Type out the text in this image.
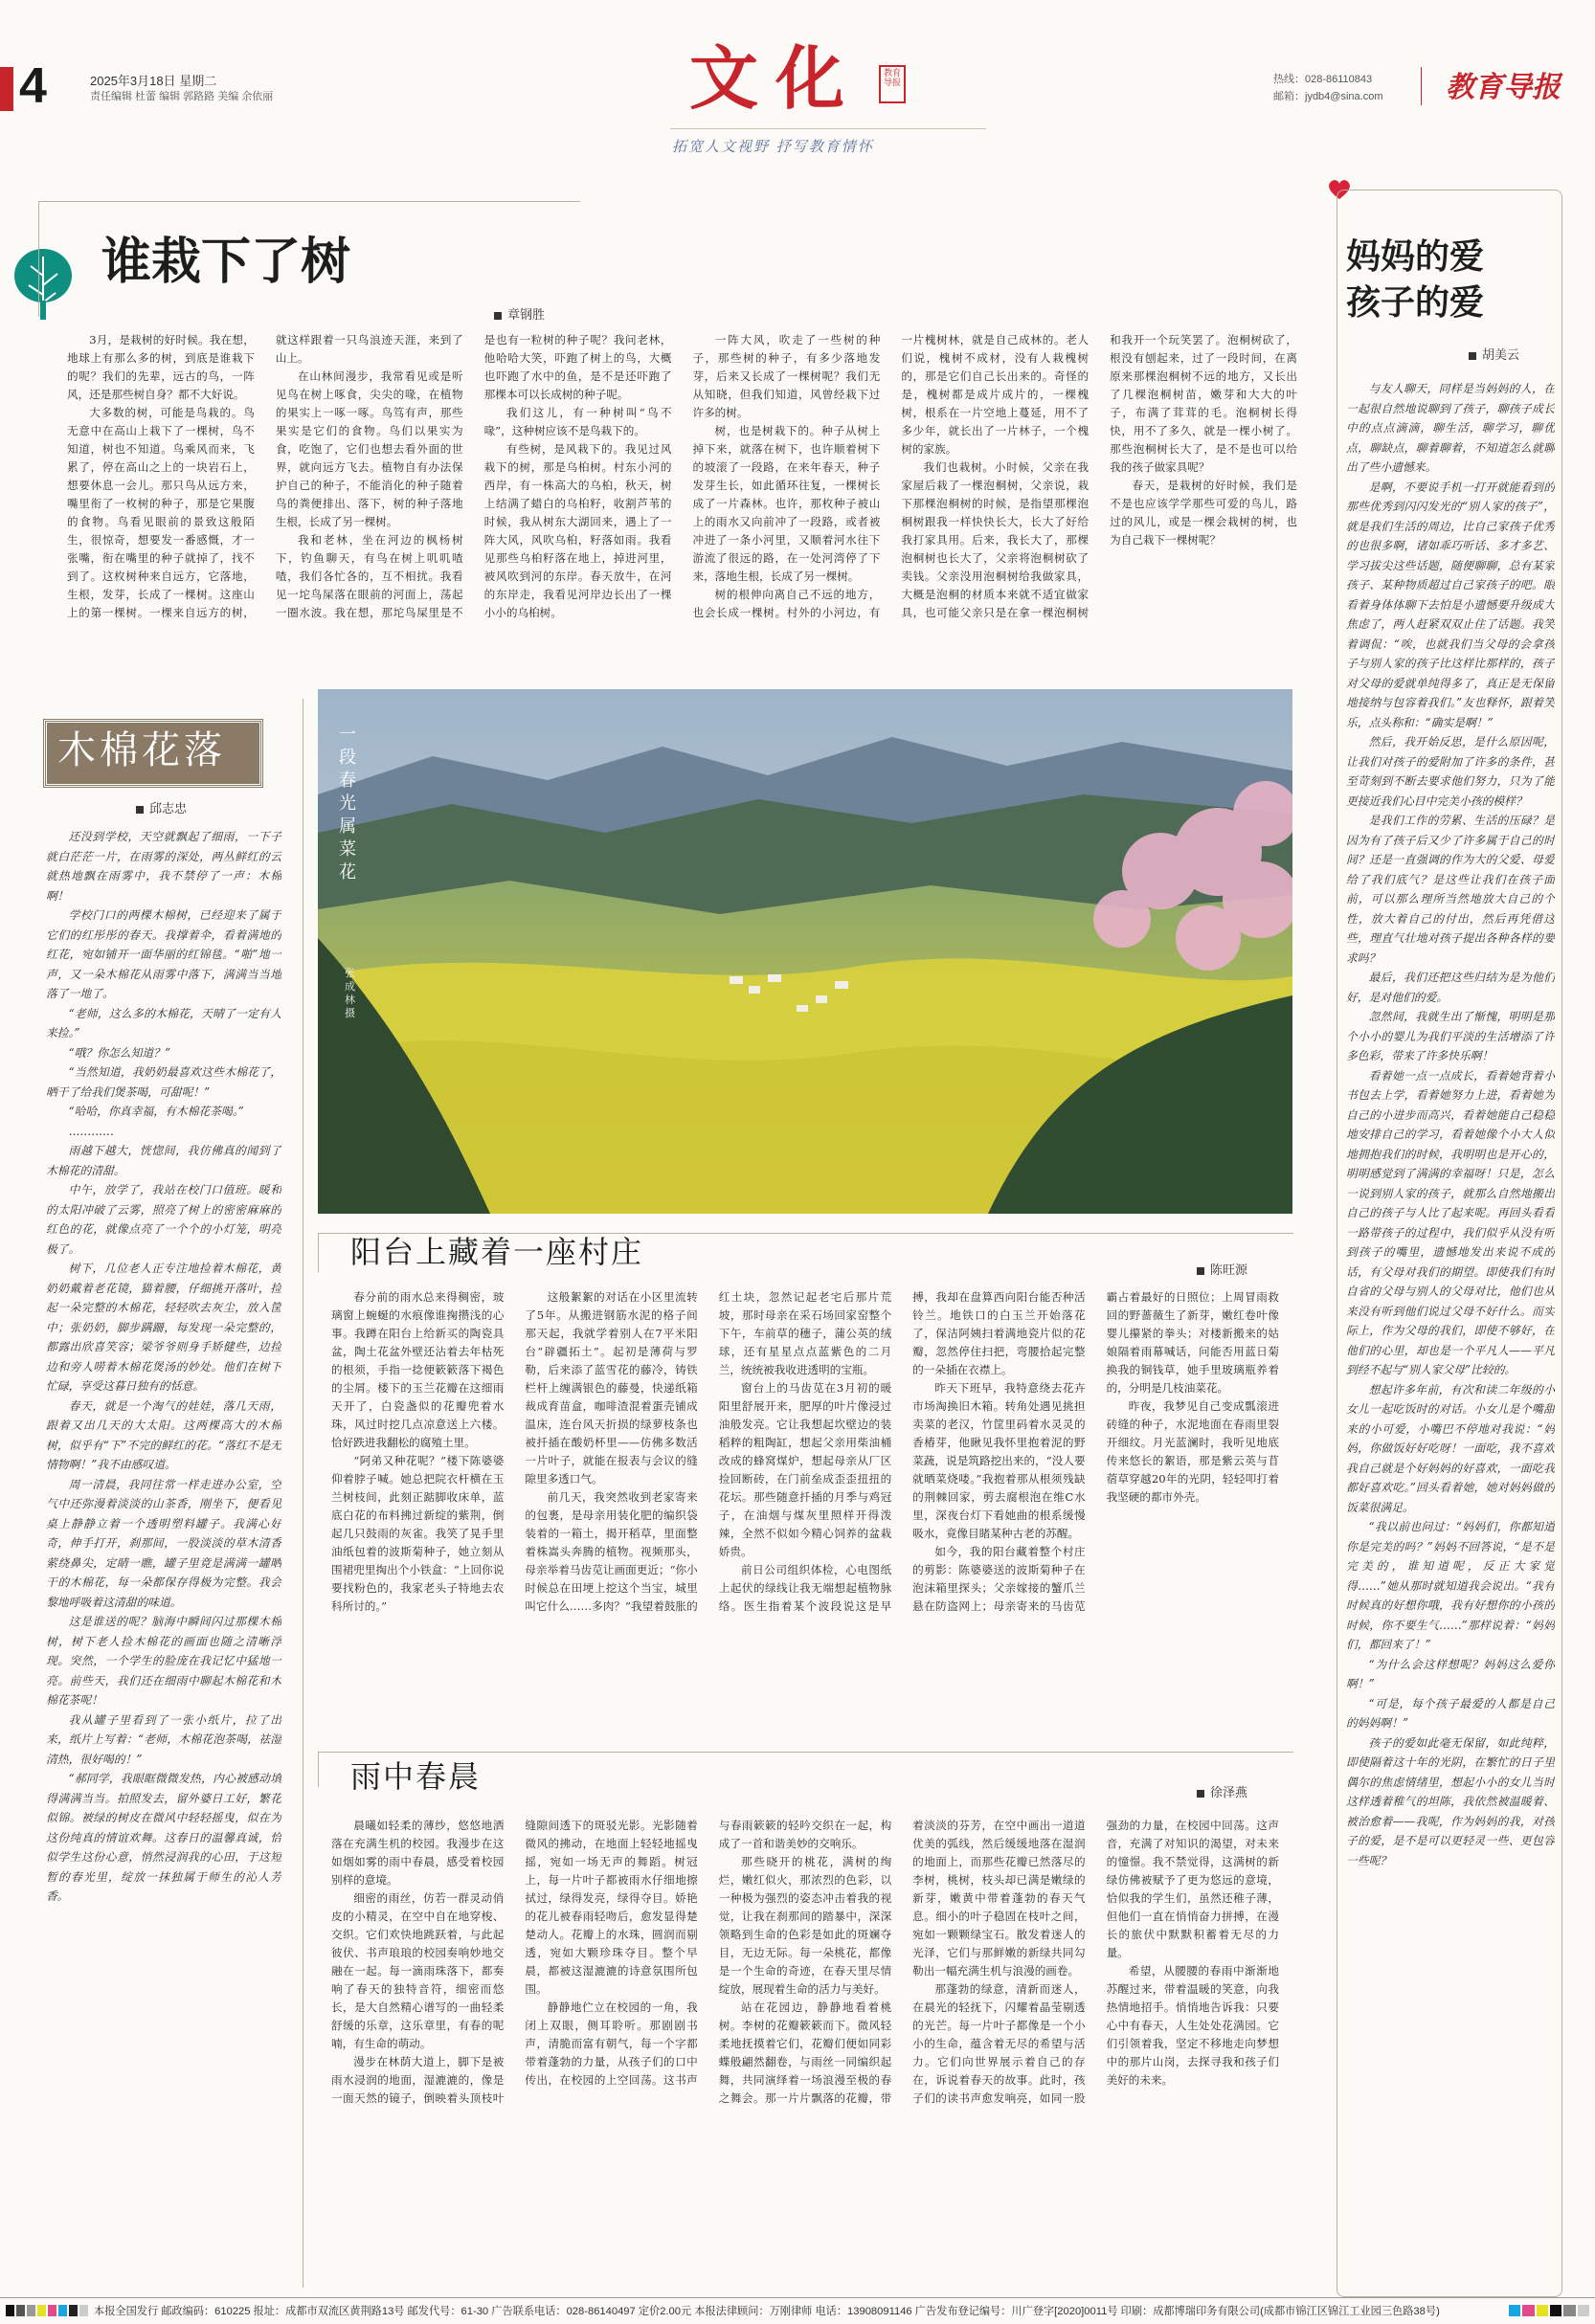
4	2025年3月18日 星期二
责任编辑 杜蕾 编辑 郭路路 美编 余依丽	文化	教育导报
拓宽人文视野 抒写教育情怀
热线：028-86110843
邮箱：jydb4@sina.com 教育导报
谁栽下了树
章钢胜

3月，是栽树的好时候。我在想，地球上有那么多的树，到底是谁栽下的呢？我们的先辈，远古的鸟，一阵风，还是那些树自身？都不大好说。

大多数的树，可能是鸟栽的。鸟无意中在高山上栽下了一棵树，鸟不知道，树也不知道。鸟乘风而来，飞累了，停在高山之上的一块岩石上，想要休息一会儿。那只鸟从远方来，嘴里衔了一枚树的种子，那是它果腹的食物。鸟看见眼前的景致这般陌生，很惊奇，想要发一番感慨，才一张嘴，衔在嘴里的种子就掉了，找不到了。这枚树种来自远方，它落地，生根，发芽，长成了一棵树。这座山上的第一棵树。一棵来自远方的树，就这样跟着一只鸟浪迹天涯，来到了山上。

在山林间漫步，我常看见或是听见鸟在树上啄食，尖尖的喙，在植物的果实上一啄一啄。鸟笃有声，那些果实是它们的食物。鸟们以果实为食，吃饱了，它们也想去看外面的世界，就向远方飞去。植物自有办法保护自己的种子，不能消化的种子随着鸟的粪便排出、落下，树的种子落地生根，长成了另一棵树。

我和老林，坐在河边的枫杨树下，钓鱼聊天，有鸟在树上叽叽喳喳，我们各忙各的，互不相扰。我看见一坨鸟屎落在眼前的河面上，荡起一圈水波。我在想，那坨鸟屎里是不是也有一粒树的种子呢？我问老林，他哈哈大笑，吓跑了树上的鸟，大概也吓跑了水中的鱼，是不是还吓跑了那棵本可以长成树的种子呢。

我们这儿，有一种树叫“鸟不喙”，这种树应该不是鸟栽下的。

有些树，是风栽下的。我见过风栽下的树，那是乌桕树。村东小河的西岸，有一株高大的乌桕，秋天，树上结满了蜡白的乌桕籽，收割芦苇的时候，我从树东大湖回来，遇上了一阵大风，风吹乌桕，籽落如雨。我看见那些乌桕籽落在地上，掉进河里，被风吹到河的东岸。春天放牛，在河的东岸走，我看见河岸边长出了一棵小小的乌桕树。

一阵大风，吹走了一些树的种子，那些树的种子，有多少落地发芽，后来又长成了一棵树呢？我们无从知晓，但我们知道，风曾经栽下过许多的树。

树，也是树栽下的。种子从树上掉下来，就落在树下，也许顺着树下的坡滚了一段路，在来年春天，种子发芽生长，如此循环往复，一棵树长成了一片森林。也许，那枚种子被山上的雨水又向前冲了一段路，或者被冲进了一条小河里，又顺着河水往下游流了很远的路，在一处河湾停了下来，落地生根，长成了另一棵树。

树的根伸向离自己不远的地方，也会长成一棵树。村外的小河边，有一片槐树林，就是自己成林的。老人们说，槐树不成材，没有人栽槐树的，那是它们自己长出来的。奇怪的是，槐树都是成片成片的，一棵槐树，根系在一片空地上蔓延，用不了多少年，就长出了一片林子，一个槐树的家族。

我们也栽树。小时候，父亲在我家屋后栽了一棵泡桐树，父亲说，栽下那棵泡桐树的时候，是指望那棵泡桐树跟我一样快快长大，长大了好给我打家具用。后来，我长大了，那棵泡桐树也长大了，父亲将泡桐树砍了卖钱。父亲没用泡桐树给我做家具，大概是泡桐的材质本来就不适宜做家具，也可能父亲只是在拿一棵泡桐树和我开一个玩笑罢了。泡桐树砍了，根没有刨起来，过了一段时间，在离原来那棵泡桐树不远的地方，又长出了几棵泡桐树苗，嫩芽和大大的叶子，布满了茸茸的毛。泡桐树长得快，用不了多久，就是一棵小树了。那些泡桐树长大了，是不是也可以给我的孩子做家具呢？

春天，是栽树的好时候，我们是不是也应该学学那些可爱的鸟儿，路过的风儿，或是一棵会栽树的树，也为自己栽下一棵树呢？

妈妈的爱 孩子的爱
胡美云

与友人聊天，同样是当妈妈的人，在一起很自然地说聊到了孩子，聊孩子成长中的点点滴滴，聊生活，聊学习，聊优点，聊缺点，聊着聊着，不知道怎么就聊出了些小遗憾来。

是啊，不要说手机一打开就能看到的那些优秀到闪闪发光的“别人家的孩子”，就是我们生活的周边，比自己家孩子优秀的也很多啊，诸如乖巧听话、多才多艺、学习拔尖这些话题，随便聊聊，总有某家孩子、某种物质超过自己家孩子的吧。眼看着身体体聊下去怕是小遗憾要升级成大焦虑了，两人赶紧双双止住了话题。我笑着调侃：“唉，也就我们当父母的会拿孩子与别人家的孩子比这样比那样的，孩子对父母的爱就单纯得多了，真正是无保留地接纳与包容着我们。”友也释怀，跟着笑乐，点头称和：“确实是啊！”

然后，我开始反思，是什么原因呢，让我们对孩子的爱附加了许多的条件，甚至苛刻到不断去要求他们努力，只为了能更接近我们心目中完美小孩的模样？

是我们工作的劳累、生活的压碌？是因为有了孩子后又少了许多属于自己的时间？还是一直强调的作为大的父爱、母爱给了我们底气？是这些让我们在孩子面前，可以那么理所当然地放大自己的个性，放大着自己的付出，然后再凭借这些，理直气壮地对孩子提出各种各样的要求吗？

最后，我们还把这些归结为是为他们好，是对他们的爱。

忽然间，我就生出了惭愧，明明是那个小小的婴儿为我们平淡的生活增添了许多色彩，带来了许多快乐啊！

看着她一点一点成长，看着她背着小书包去上学，看着她努力上进，看着她为自己的小进步而高兴，看着她能自己稳稳地安排自己的学习，看着她像个小大人似地拥抱我们的时候，我明明也是开心的，明明感觉到了满满的幸福呀！只是，怎么一说到别人家的孩子，就那么自然地搬出自己的孩子与人比了起来呢。再回头看看一路带孩子的过程中，我们似乎从没有听到孩子的嘴里，遗憾地发出来说不成的话，有父母对我们的期望。即使我们有时自省的父母与别人的父母对比，他们也从来没有听到他们说过父母不好什么。而实际上，作为父母的我们，即使不够好，在他们的心里，却也是一个平凡人——平凡到经不起与“别人家父母”比较的。

想起许多年前，有次和读二年级的小女儿一起吃饭时的对话。小女儿是个嘴甜来的小可爱，小嘴巴不停地对我说：“妈妈，你做饭好好吃呀！一面吃，我不喜欢我自己就是个好妈妈的好喜欢，一面吃我都好喜欢吃。”回头看着她，她对妈妈做的饭菜很满足。

“我以前也问过：“妈妈们，你都知道你是完美的吗？”妈妈不回答说，“是不是完美的，谁知道呢，反正大家觉得……”她从那时就知道我会说出。“我有时候真的好想你哦，我有好想你的小孩的时候，你不要生气……”那样说着：“妈妈们，都回来了！”

“为什么会这样想呢？妈妈这么爱你啊！”

“可是，每个孩子最爱的人都是自己的妈妈啊！”

孩子的爱如此毫无保留，如此纯粹，即使隔着这十年的光阴，在繁忙的日子里偶尔的焦虑情绪里，想起小小的女儿当时这样透着稚气的坦陈，我依然被温暖着、被治愈着——我呢，作为妈妈的我，对孩子的爱，是不是可以更轻灵一些、更包容一些呢？

木棉花落
邱志忠

还没到学校，天空就飘起了细雨，一下子就白茫茫一片，在雨雾的深处，两丛鲜红的云就热地飘在雨雾中，我不禁停了一声：木棉啊！

学校门口的两棵木棉树，已经迎来了属于它们的红彤彤的春天。我撑着伞，看着满地的红花，宛如铺开一面华丽的红锦毯。“啪”地一声，又一朵木棉花从雨雾中落下，满满当当地落了一地了。

“老师，这么多的木棉花，天晴了一定有人来捡。”

“哦？你怎么知道？”

“当然知道，我奶奶最喜欢这些木棉花了，晒干了给我们煲茶喝，可甜呢！”

“哈哈，你真幸福，有木棉花茶喝。”

…………

雨越下越大，恍惚间，我仿佛真的闻到了木棉花的清甜。

中午，放学了，我站在校门口值班。暖和的太阳冲破了云雾，照亮了树上的密密麻麻的红色的花，就像点亮了一个个的小灯笼，明亮极了。

树下，几位老人正专注地捡着木棉花，黄奶奶戴着老花镜，猫着腰，仔细挑开落叶，捡起一朵完整的木棉花，轻轻吹去灰尘，放入筐中；张奶奶，脚步蹒跚，每发现一朵完整的，都露出欣喜笑容；梁爷爷则身手矫健些，边捡边和旁人唠着木棉花煲汤的妙处。他们在树下忙碌，享受这暮日独有的恬意。

春天，就是一个淘气的娃娃，落几天雨，跟着又出几天的大太阳。这两棵高大的木棉树，似乎有“下”不完的鲜红的花。“落红不是无情物啊！”我不由感叹道。

周一清晨，我同往常一样走进办公室，空气中还弥漫着淡淡的山茶香，刚坐下，便看见桌上静静立着一个透明塑料罐子。我满心好奇，伸手打开，刹那间，一股淡淡的草木清香萦绕鼻尖，定睛一瞧，罐子里竟是满满一罐晒干的木棉花，每一朵都保存得极为完整。我会黎地呼吸着这清甜的味道。

这是谁送的呢？脑海中瞬间闪过那棵木棉树，树下老人捡木棉花的画面也随之清晰浮现。突然，一个学生的脸庞在我记忆中猛地一亮。前些天，我们还在细雨中聊起木棉花和木棉花茶呢！

我从罐子里看到了一张小纸片，拉了出来，纸片上写着：“老师，木棉花泡茶喝，祛湿清热，很好喝的！”

“郝同学，我眼眶微微发热，内心被感动填得满满当当。拍照发去，留外婆日工好，繁花似锦。被绿的树皮在微风中轻轻摇曳，似在为这份纯真的情谊欢舞。这春日的温馨真诚，恰似学生这份心意，悄然浸润我的心田，于这短暂的春光里，绽放一抹独属于师生的沁人芳香。

一段春光属菜花
张成林 摄
阳台上藏着一座村庄	陈旺源

春分前的雨水总来得稠密，玻璃窗上蜿蜒的水痕像谁掬攒浅的心事。我蹲在阳台上给新买的陶瓷具盆，陶土花盆外壁还沾着去年枯死的根须，手指一捻便簌簌落下褐色的尘屑。楼下的玉兰花瓣在这细雨天开了，白瓷盏似的花瓣兜着水珠，风过时挖几点凉意送上六楼。恰好跌进我翻松的腐殖土里。

“阿弟又种花呢？”楼下陈婆婆仰着脖子喊。她总把院衣杆横在玉兰树枝间，此刻正踮脚收床单，蓝底白花的布料拂过新绽的紫荆，倒起几只鼓雨的灰雀。我笑了晃手里油纸包着的波斯菊种子，她立刻从围裙兜里掏出个小铁盒：“上回你说要找粉色的，我家老头子特地去农科所讨的。”

这般絮絮的对话在小区里流转了5年。从搬进钢筋水泥的格子间那天起，我就学着别人在7平米阳台“辟疆拓土”。起初是薄荷与罗勒，后来添了蓝雪花的藤冷，铸铁栏杆上缠满银色的藤曼，快递纸箱裁成育苗盒，咖啡渣混着蛋壳铺成温床，连台风天折损的绿萝枝条也被扦插在酸奶杯里——仿佛多数活一片叶子，就能在报表与会议的缝隙里多透口气。

前几天，我突然收到老家寄来的包裹，是母亲用装化肥的编织袋装着的一箱土，揭开稻草，里面整着株嵩头奔腾的植物。视频那头，母亲举着马齿苋让画面更近；“你小时候总在田埂上挖这个当宝，城里叫它什么……多肉？”我望着鼓胀的红土块，忽然记起老宅后那片荒坡，那时母亲在采石场回家窑整个下午，车前草的穗子，蒲公英的绒球，还有星星点点蓝紫色的二月兰，统统被我收进透明的宝瓶。

窗台上的马齿苋在3月初的暖阳里舒展开来，肥厚的叶片像浸过油般发亮。它让我想起坎壁边的装稻粹的粗陶缸，想起父亲用柴油桶改成的蜂窝煤炉，想起母亲从厂区捡回断砖，在门前垒成歪歪扭扭的花坛。那些随意扦插的月季与鸡冠子，在油烟与煤灰里照样开得泼辣，全然不似如今精心饲养的盆栽娇贵。

前日公司组织体检，心电图纸上起伏的绿线让我无端想起植物脉络。医生指着某个波段说这是早搏，我却在盘算西向阳台能否种活铃兰。地铁口的白玉兰开始落花了，保洁阿姨扫着满地瓷片似的花瓣，忽然停住扫把，弯腰拾起完整的一朵插在衣襟上。

昨天下班早，我特意绕去花卉市场淘换旧木箱。转角处遇见挑担卖菜的老汉，竹筐里码着水灵灵的香椿芽，他瞅见我怀里抱着泥的野菜蔬，说是筑路挖出来的，“没人要就晒菜烧喽。”我抱着那从根须残缺的荆棘回家，剪去腐根泡在维C水里，深夜台灯下看她曲的根系缓慢吸水，竟像目睹某种古老的苏醒。

如今，我的阳台藏着整个村庄的剪影：陈婆婆送的波斯菊种子在泡沫箱里探头；父亲嫁接的蟹爪兰悬在防盗网上；母亲寄来的马齿苋霸占着最好的日照位；上周冒雨救回的野蔷薇生了新芽，嫩红卷叶像婴儿攥紧的拳头；对楼新搬来的姑娘隔着雨幕喊话，问能否用蓝日菊换我的铜钱草，她手里玻璃瓶养着的，分明是几枝油菜花。

昨夜，我梦见自己变成瓢滚进砖缝的种子，水泥地面在春雨里裂开细纹。月光蓝澜时，我听见地底传来悠长的絮语，那是紫云英与苜蓿草穿越20年的光阴，轻轻叩打着我坚硬的都市外壳。

雨中春晨	徐泽燕

晨曦如轻柔的薄纱，悠悠地洒落在充满生机的校园。我漫步在这如烟如雾的雨中春晨，感受着校园别样的意境。

细密的雨丝，仿若一群灵动俏皮的小精灵，在空中自在地穿梭、交织。它们欢快地跳跃着，与此起彼伏、书声琅琅的校园奏响妙地交融在一起。每一滴雨珠落下，都奏响了春天的独特音符，细密而悠长，是大自然精心谱写的一曲轻柔舒缓的乐章，这乐章里，有春的呢喃，有生命的萌动。

漫步在林荫大道上，脚下是被雨水浸润的地面，湿漉漉的，像是一面天然的镜子，倒映着头顶枝叶缝隙间透下的斑驳光影。光影随着微风的拂动，在地面上轻轻地摇曳摇，宛如一场无声的舞蹈。树冠上，每一片叶子都被雨水仔细地擦拭过，绿得发亮，绿得夺目。娇艳的花儿被春雨轻吻后，愈发显得楚楚动人。花瓣上的水珠，圆润而剔透，宛如大颗珍珠夺目。整个早晨，都被这湿漉漉的诗意氛围所包围。

静静地伫立在校园的一角，我闭上双眼，侧耳聆听。那剧剧书声，清脆而富有朝气，每一个字都带着蓬勃的力量，从孩子们的口中传出，在校园的上空回荡。这书声与春雨簌簌的轻吟交织在一起，构成了一首和谐美妙的交响乐。

那些晓开的桃花，满树的绚烂，嫩红似火，那浓烈的色彩，以一种极为强烈的姿态冲击着我的视觉，让我在刹那间的踏暴中，深深领略到生命的色彩是如此的斑斓夺目，无边无际。每一朵桃花，都像是一个生命的奇迹，在春天里尽情绽放，展现着生命的活力与美好。

站在花园边，静静地看着桃树。李树的花瓣簌簌而下。微风轻柔地抚摸着它们，花瓣们便如同彩蝶般翩然翻卷，与雨丝一同编织起舞，共同演绎着一场浪漫至极的春之舞会。那一片片飘落的花瓣，带着淡淡的芬芳，在空中画出一道道优美的弧线，然后缓缓地落在湿润的地面上，而那些花瓣已然落尽的李树，桃树，枝头却已满是嫩绿的新芽，嫩黄中带着蓬勃的春天气息。细小的叶子稳固在枝叶之间，宛如一颗颗绿宝石。散发着迷人的光泽，它们与那鲜嫩的新绿共同勾勒出一幅充满生机与浪漫的画卷。

那蓬勃的绿意，清新而迷人，在晨光的轻抚下，闪耀着晶莹剔透的光芒。每一片叶子都像是一个小小的生命，蕴含着无尽的希望与活力。它们向世界展示着自己的存在，诉说着春天的故事。此时，孩子们的读书声愈发响亮，如同一股强劲的力量，在校园中回荡。这声音，充满了对知识的渴望，对未来的憧憬。我不禁觉得，这满树的新绿仿佛被赋予了更为悠远的意境，恰似我的学生们，虽然还稚子薄，但他们一直在悄悄奋力拼搏，在漫长的旅伏中默默积蓄着无尽的力量。

希望，从腰腰的春雨中渐渐地苏醒过来，带着温暖的笑意，向我热情地招手。悄悄地告诉我：只要心中有春天，人生处处花满园。它们引领着我，坚定不移地走向梦想中的那片山岗，去探寻我和孩子们美好的未来。

本报全国发行 邮政编码：610225 报址：成都市双流区黄荆路13号 邮发代号：61-30 广告联系电话：028-86140497 定价2.00元 本报法律顾问：万刚律师 电话：13908091146 广告发布登记编号：川广登字[2020]0011号 印刷：成都博瑞印务有限公司(成都市锦江区锦江工业园三色路38号)
